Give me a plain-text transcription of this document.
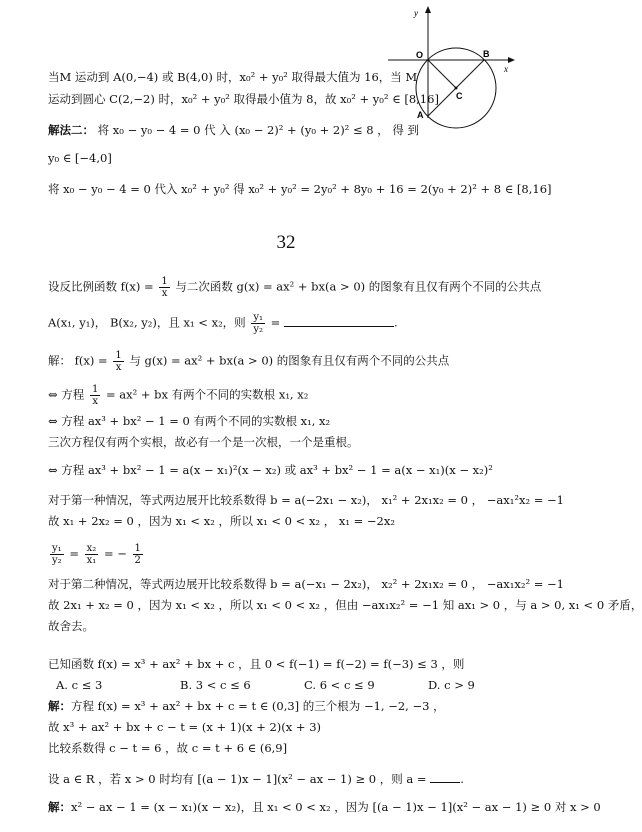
y
O	B
x
C
A
当M 运动到 A(0,−4) 或 B(4,0) 时，x₀² + y₀² 取得最大值为 16，当 M
运动到圆心 C(2,−2) 时，x₀² + y₀² 取得最小值为 8，故 x₀² + y₀² ∈ [8,16]
解法二： 将 x₀ − y₀ − 4 = 0 代 入 (x₀ − 2)² + (y₀ + 2)² ≤ 8 ， 得 到
y₀ ∈ [−4,0]
将 x₀ − y₀ − 4 = 0 代入 x₀² + y₀² 得 x₀² + y₀² = 2y₀² + 8y₀ + 16 = 2(y₀ + 2)² + 8 ∈ [8,16]
32
设反比例函数 $f(x) = \frac{1}{x}$ 与二次函数 g(x) = ax² + bx(a > 0) 的图象有且仅有两个不同的公共点
A(x₁, y₁)， B(x₂, y₂)，且 x₁ < x₂，则 $\frac{\text{y₁}}{\text{y₂}}$ =	.
解： $f(x) = \frac{1}{x}$ 与 g(x) = ax² + bx(a > 0) 的图象有且仅有两个不同的公共点
⇔ 方程 $\frac{1}{x} = ax^2$ + bx 有两个不同的实数根 x₁, x₂
⇔ 方程 ax³ + bx² − 1 = 0 有两个不同的实数根 x₁, x₂
三次方程仅有两个实根，故必有一个是一次根，一个是重根。
⇔ 方程 ax³ + bx² − 1 = a(x − x₁)²(x − x₂) 或 ax³ + bx² − 1 = a(x − x₁)(x − x₂)²
对于第一种情况，等式两边展开比较系数得 b = a(−2x₁ − x₂)， x₁² + 2x₁x₂ = 0 ， −ax₁²x₂ = −1
故 x₁ + 2x₂ = 0 ，因为 x₁ < x₂ ，所以 x₁ < 0 < x₂ ， x₁ = −2x₂
$\frac{\text{y₁}}{\text{y₂}} = \frac{\text{x₂}}{\text{x₁}}$ = − $\frac{1}{2}$
对于第二种情况，等式两边展开比较系数得 b = a(−x₁ − 2x₂)， x₂² + 2x₁x₂ = 0 ， −ax₁x₂² = −1
故 2x₁ + x₂ = 0 ，因为 x₁ < x₂ ，所以 x₁ < 0 < x₂ ，但由 −ax₁x₂² = −1 知 ax₁ > 0 ，与 a > 0, x₁ < 0 矛盾，
故舍去。
已知函数 f(x) = x³ + ax² + bx + c ，且 0 < f(−1) = f(−2) = f(−3) ≤ 3 ，则
A. c ≤ 3	B. 3 < c ≤ 6	C. 6 < c ≤ 9	D. c > 9
解：方程 f(x) = x³ + ax² + bx + c = t ∈ (0,3] 的三个根为 −1, −2, −3 ，
故 x³ + ax² + bx + c − t = (x + 1)(x + 2)(x + 3)
比较系数得 c − t = 6 ，故 c = t + 6 ∈ (6,9]
设 a ∈ R ，若 x > 0 时均有 [(a − 1)x − 1](x² − ax − 1) ≥ 0 ，则 a =	.
解：x² − ax − 1 = (x − x₁)(x − x₂)，且 x₁ < 0 < x₂ ，因为 [(a − 1)x − 1](x² − ax − 1) ≥ 0 对 x > 0
